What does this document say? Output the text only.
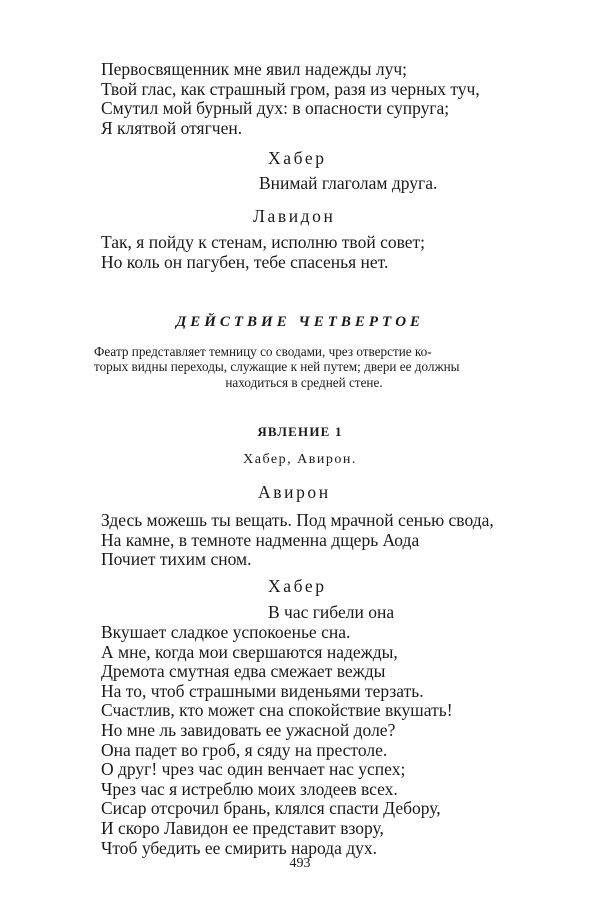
Первосвященник мне явил надежды луч;
Твой глас, как страшный гром, разя из черных туч,
Смутил мой бурный дух: в опасности супруга;
Я клятвой отягчен.
Хабер
Внимай глаголам друга.
Лавидон
Так, я пойду к стенам, исполню твой совет;
Но коль он пагубен, тебе спасенья нет.
ДЕЙСТВИЕ ЧЕТВЕРТОЕ
Феатр представляет темницу со сводами, чрез отверстие ко-
торых видны переходы, служащие к ней путем; двери ее должны
находиться в средней стене.
ЯВЛЕНИЕ 1
Хабер, Авирон.
Авирон
Здесь можешь ты вещать. Под мрачной сенью свода,
На камне, в темноте надменна дщерь Аода
Почиет тихим сном.
Хабер
В час гибели она
Вкушает сладкое успокоенье сна.
А мне, когда мои свершаются надежды,
Дремота смутная едва смежает вежды
На то, чтоб страшными виденьями терзать.
Счастлив, кто может сна спокойствие вкушать!
Но мне ль завидовать ее ужасной доле?
Она падет во гроб, я сяду на престоле.
О друг! чрез час один венчает нас успех;
Чрез час я истреблю моих злодеев всех.
Сисар отсрочил брань, клялся спасти Дебору,
И скоро Лавидон ее представит взору,
Чтоб убедить ее смирить народа дух.
493
